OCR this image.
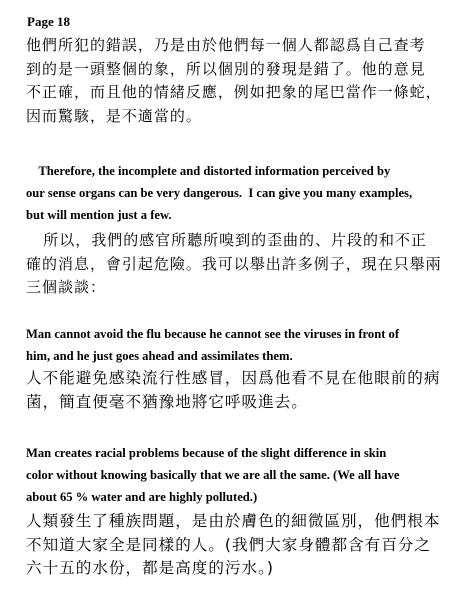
Page 18
他們所犯的錯誤，乃是由於他們每一個人都認爲自己查考
到的是一頭整個的象，所以個別的發現是錯了。他的意見
不正確，而且他的情緒反應，例如把象的尾巴當作一條蛇，
因而驚駭，是不適當的。
Therefore, the incomplete and distorted information perceived by
our sense organs can be very dangerous.  I can give you many examples,
but will mention just a few.
所以，我們的感官所聽所嗅到的歪曲的、片段的和不正
確的消息，會引起危險。我可以舉出許多例子，現在只舉兩
三個談談：
Man cannot avoid the flu because he cannot see the viruses in front of
him, and he just goes ahead and assimilates them.
人不能避免感染流行性感冒，因爲他看不見在他眼前的病
菌，簡直便毫不猶豫地將它呼吸進去。
Man creates racial problems because of the slight difference in skin
color without knowing basically that we are all the same. (We all have
about 65 % water and are highly polluted.)
人類發生了種族問題，是由於膚色的細微區別，他們根本
不知道大家全是同樣的人。(我們大家身體都含有百分之
六十五的水份，都是高度的污水。)
